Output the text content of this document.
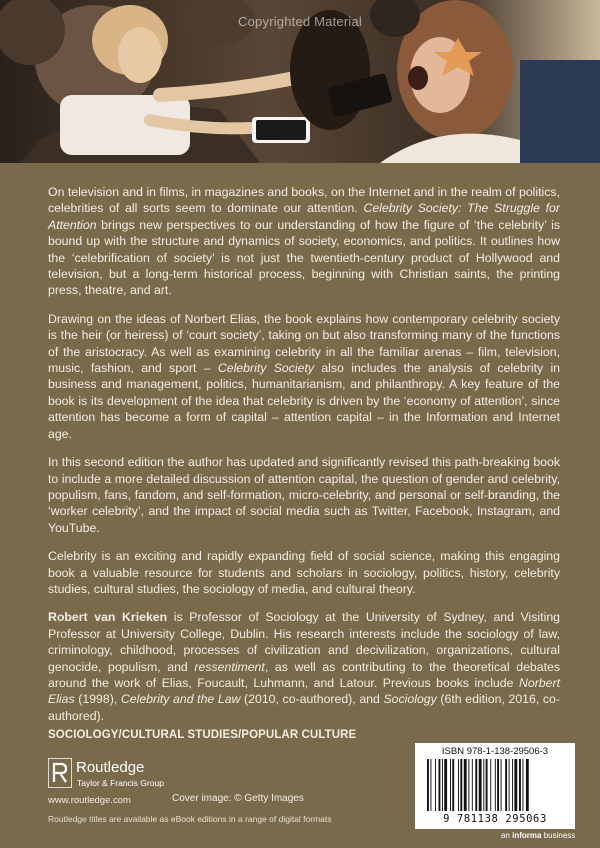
Copyrighted Material

On television and in films, in magazines and books, on the Internet and in the realm of politics, celebrities of all sorts seem to dominate our attention. Celebrity Society: The Struggle for Attention brings new perspectives to our understanding of how the figure of ‘the celebrity’ is bound up with the structure and dynamics of society, economics, and politics. It outlines how the ‘celebrification of society’ is not just the twentieth-century product of Hollywood and television, but a long-term historical process, beginning with Christian saints, the printing press, theatre, and art.

Drawing on the ideas of Norbert Elias, the book explains how contemporary celebrity society is the heir (or heiress) of ‘court society’, taking on but also transforming many of the functions of the aristocracy. As well as examining celebrity in all the familiar arenas – film, television, music, fashion, and sport – Celebrity Society also includes the analysis of celebrity in business and management, politics, humanitarianism, and philanthropy. A key feature of the book is its development of the idea that celebrity is driven by the ‘economy of attention’, since attention has become a form of capital – attention capital – in the Information and Internet age.

In this second edition the author has updated and significantly revised this path-breaking book to include a more detailed discussion of attention capital, the question of gender and celebrity, populism, fans, fandom, and self-formation, micro-celebrity, and personal or self-branding, the ‘worker celebrity’, and the impact of social media such as Twitter, Facebook, Instagram, and YouTube.

Celebrity is an exciting and rapidly expanding field of social science, making this engaging book a valuable resource for students and scholars in sociology, politics, history, celebrity studies, cultural studies, the sociology of media, and cultural theory.

Robert van Krieken is Professor of Sociology at the University of Sydney, and Visiting Professor at University College, Dublin. His research interests include the sociology of law, criminology, childhood, processes of civilization and decivilization, organizations, cultural genocide, populism, and ressentiment, as well as contributing to the theoretical debates around the work of Elias, Foucault, Luhmann, and Latour. Previous books include Norbert Elias (1998), Celebrity and the Law (2010, co-authored), and Sociology (6th edition, 2016, co-authored).

SOCIOLOGY/CULTURAL STUDIES/POPULAR CULTURE
Routledge
Taylor & Francis Group
www.routledge.com	Cover image: © Getty Images
Routledge titles are available as eBook editions in a range of digital formats
ISBN 978-1-138-29506-3
9 781138 295063
an informa business
